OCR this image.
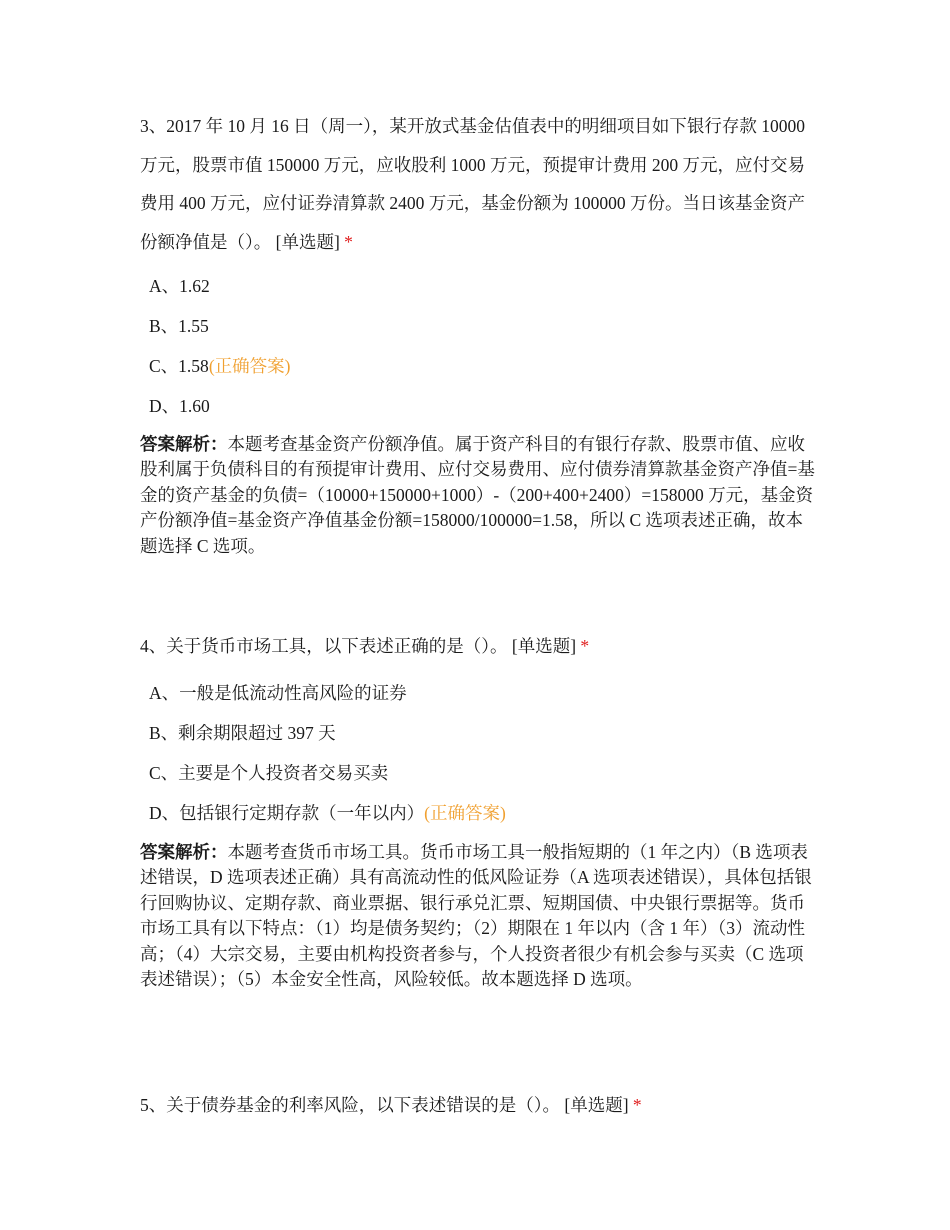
3、2017 年 10 月 16 日（周一），某开放式基金估值表中的明细项目如下银行存款 10000 万元，股票市值 150000 万元，应收股利 1000 万元，预提审计费用 200 万元，应付交易费用 400 万元，应付证券清算款 2400 万元，基金份额为 100000 万份。当日该基金资产份额净值是（）。 [单选题] *

A、1.62
B、1.55
C、1.58(正确答案)
D、1.60

答案解析：本题考查基金资产份额净值。属于资产科目的有银行存款、股票市值、应收股利属于负债科目的有预提审计费用、应付交易费用、应付债券清算款基金资产净值=基金的资产基金的负债=（10000+150000+1000）-（200+400+2400）=158000 万元，基金资产份额净值=基金资产净值基金份额=158000/100000=1.58，所以 C 选项表述正确，故本题选择 C 选项。

4、关于货币市场工具，以下表述正确的是（）。 [单选题] *

A、一般是低流动性高风险的证券
B、剩余期限超过 397 天
C、主要是个人投资者交易买卖
D、包括银行定期存款（一年以内）(正确答案)

答案解析：本题考查货币市场工具。货币市场工具一般指短期的（1 年之内）（B 选项表述错误，D 选项表述正确）具有高流动性的低风险证券（A 选项表述错误），具体包括银行回购协议、定期存款、商业票据、银行承兑汇票、短期国债、中央银行票据等。货币市场工具有以下特点：（1）均是债务契约；（2）期限在 1 年以内（含 1 年）（3）流动性高；（4）大宗交易，主要由机构投资者参与，个人投资者很少有机会参与买卖（C 选项表述错误）；（5）本金安全性高，风险较低。故本题选择 D 选项。

5、关于债券基金的利率风险，以下表述错误的是（）。 [单选题] *
